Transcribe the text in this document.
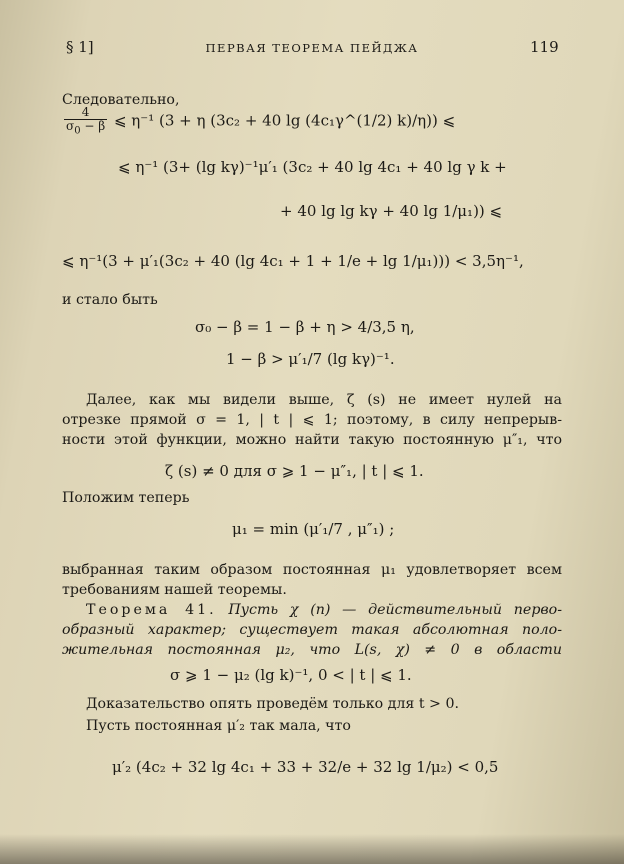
§ 1]	ПЕРВАЯ ТЕОРЕМА ПЕЙДЖА	119
Следовательно,
$\frac{4}{\sigma_0 - \beta}$ ⩽ η⁻¹ (3 + η (3c₂ + 40 lg (4c₁γ^(1/2) k)/η)) ⩽
⩽ η⁻¹ (3+ (lg kγ)⁻¹μ′₁ (3c₂ + 40 lg 4c₁ + 40 lg γ k +
+ 40 lg lg kγ + 40 lg 1/μ₁)) ⩽
⩽ η⁻¹(3 + μ′₁(3c₂ + 40 (lg 4c₁ + 1 + 1/e + lg 1/μ₁))) < 3,5η⁻¹,
и стало быть
σ₀ − β = 1 − β + η > 4/3,5 η,
1 − β > μ′₁/7 (lg kγ)⁻¹.
Далее, как мы видели выше, ζ (s) не имеет нулей на
отрезке прямой σ = 1, | t | ⩽ 1; поэтому, в силу непрерыв-
ности этой функции, можно найти такую постоянную μ″₁, что
ζ (s) ≠ 0 для σ ⩾ 1 − μ″₁, | t | ⩽ 1.
Положим теперь
μ₁ = min (μ′₁/7 , μ″₁) ;
выбранная таким образом постоянная μ₁ удовлетворяет всем
требованиям нашей теоремы.
Теорема 41. Пусть χ (n) — действительный перво-
образный характер; существует такая абсолютная поло-
жительная постоянная μ₂, что L(s, χ) ≠ 0 в области
σ ⩾ 1 − μ₂ (lg k)⁻¹, 0 < | t | ⩽ 1.
Доказательство опять проведём только для t > 0.
Пусть постоянная μ′₂ так мала, что
μ′₂ (4c₂ + 32 lg 4c₁ + 33 + 32/e + 32 lg 1/μ₂) < 0,5
